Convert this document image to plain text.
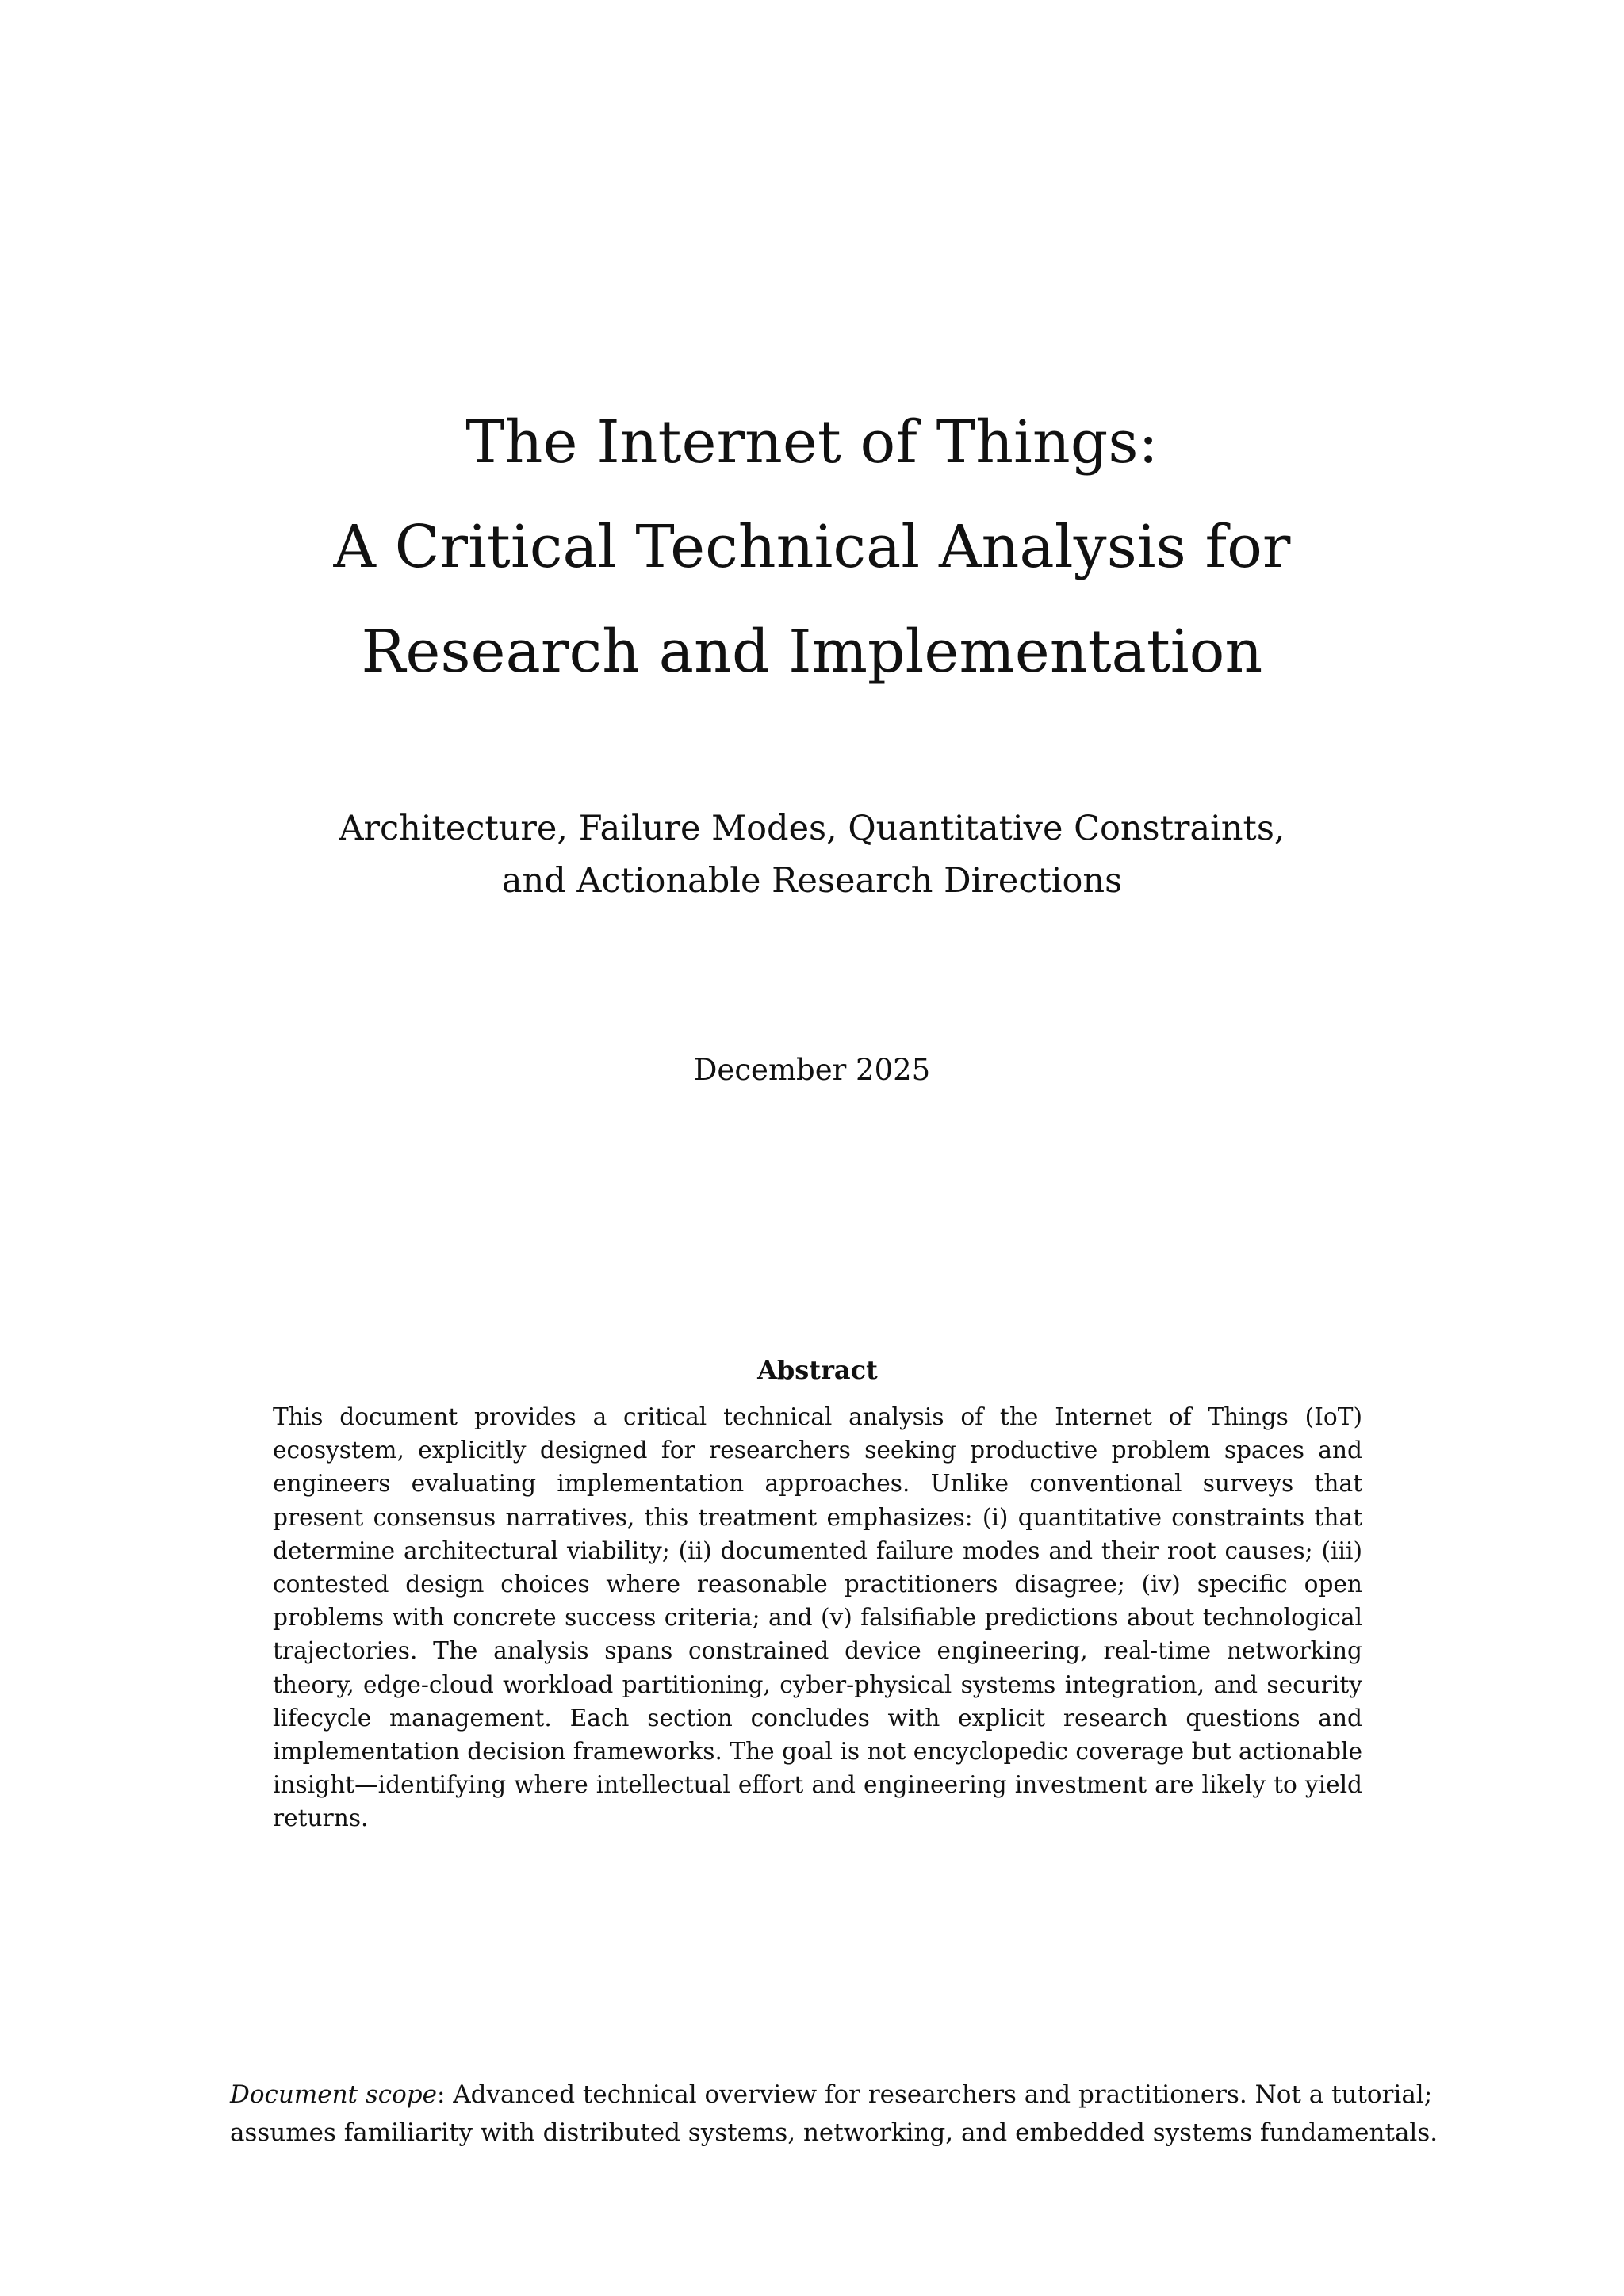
The Internet of Things:
A Critical Technical Analysis for
Research and Implementation
Architecture, Failure Modes, Quantitative Constraints,
and Actionable Research Directions
December 2025
Abstract

This document provides a critical technical analysis of the Internet of Things (IoT) ecosystem, explicitly designed for researchers seeking productive problem spaces and engineers evaluating implementation approaches. Unlike conventional surveys that present consensus narratives, this treatment emphasizes: (i) quantitative constraints that determine architectural viability; (ii) documented failure modes and their root causes; (iii) contested design choices where reasonable practitioners disagree; (iv) specific open problems with concrete success criteria; and (v) falsifiable predictions about technological trajectories. The analysis spans constrained device engineering, real-time networking theory, edge-cloud workload partitioning, cyber-physical systems integration, and security lifecycle management. Each section concludes with explicit research questions and implementation decision frameworks. The goal is not encyclopedic coverage but actionable insight—identifying where intellectual effort and engineering investment are likely to yield returns.

Document scope: Advanced technical overview for researchers and practitioners. Not a tutorial;
assumes familiarity with distributed systems, networking, and embedded systems fundamentals.
